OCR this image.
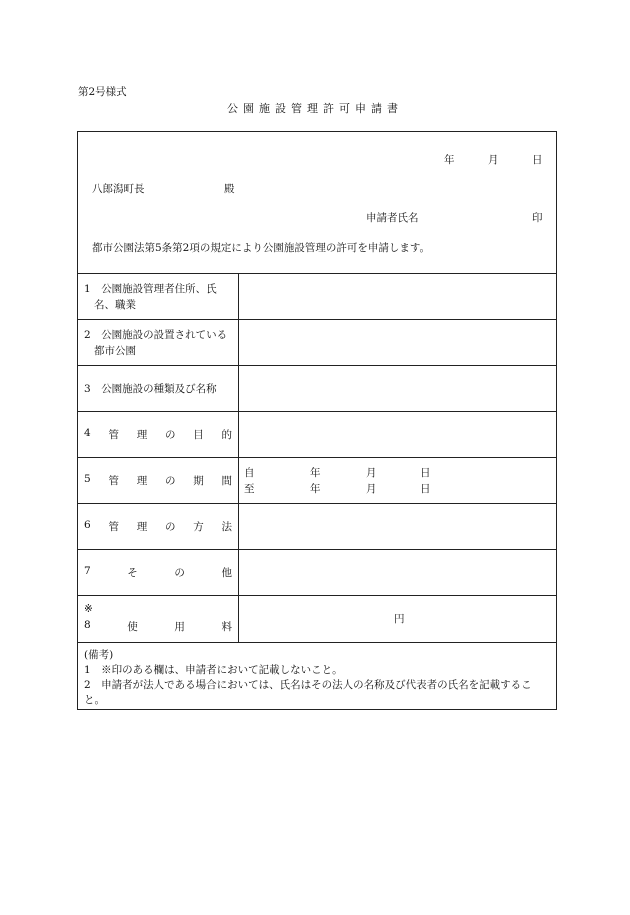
第2号様式
公園施設管理許可申請書
年	月	日
八郎潟町長	殿
申請者氏名	印
都市公園法第5条第2項の規定により公園施設管理の許可を申請します。
1　 公園施設管理者住所、氏
名、職業
2　 公園施設の設置されている
都市公園
3　 公園施設の種類及び名称
4 管 理 の 目 的
5 管 理 の 期 間
自	年	月	日
至	年	月	日
6 管 理 の 方 法
7	そ	の	他
※
8	使	用	料
円
(備考)
1　※印のある欄は、申請者において記載しないこと。
2　申請者が法人である場合においては、氏名はその法人の名称及び代表者の氏名を記載するこ
と。
